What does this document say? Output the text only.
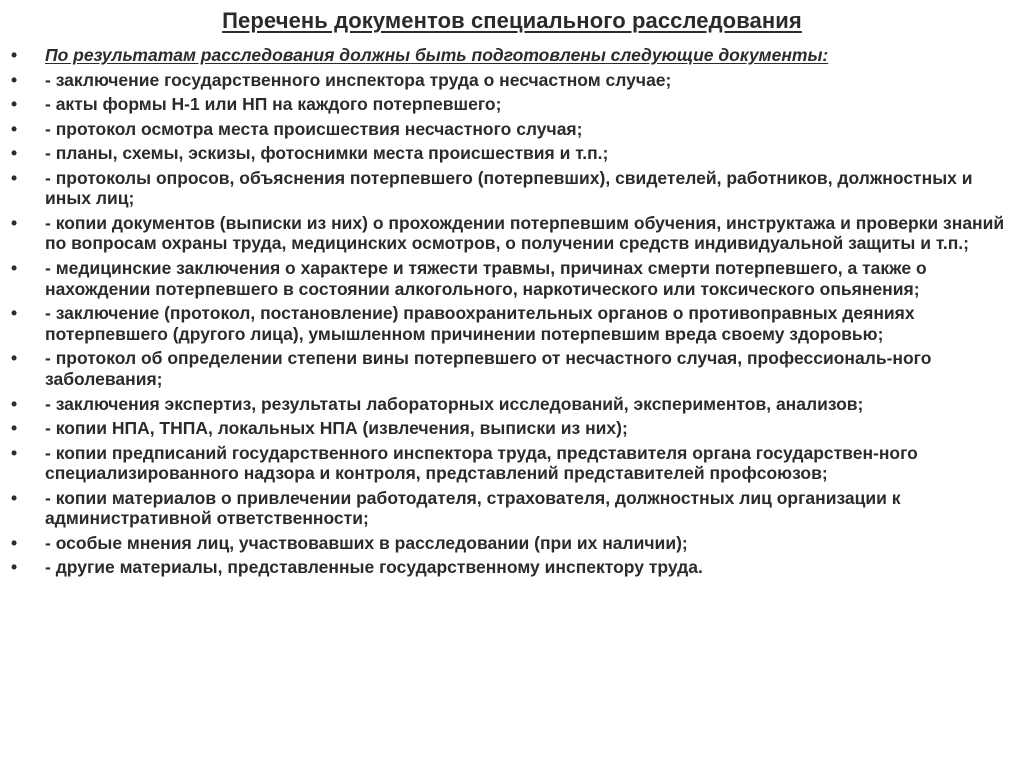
Перечень документов специального расследования
• По результатам расследования должны быть подготовлены следующие документы:
• - заключение государственного инспектора труда о несчастном случае;
• - акты формы Н-1 или НП на каждого потерпевшего;
• - протокол осмотра места происшествия несчастного случая;
• - планы, схемы, эскизы, фотоснимки места происшествия и т.п.;
• - протоколы опросов, объяснения потерпевшего (потерпевших), свидетелей, работников, должностных и иных лиц;
• - копии документов (выписки из них) о прохождении потерпевшим обучения, инструктажа и проверки знаний по вопросам охраны труда, медицинских осмотров, о получении средств индивидуальной защиты и т.п.;
• - медицинские заключения о характере и тяжести травмы, причинах смерти потерпевшего, а также о нахождении потерпевшего в состоянии алкогольного, наркотического или токсического опьянения;
• - заключение (протокол, постановление) правоохранительных органов о противоправных деяниях потерпевшего (другого лица), умышленном причинении потерпевшим вреда своему здоровью;
• - протокол об определении степени вины потерпевшего от несчастного случая, профессиональ-ного заболевания;
• - заключения экспертиз, результаты лабораторных исследований, экспериментов, анализов;
• - копии НПА, ТНПА, локальных НПА (извлечения, выписки из них);
• - копии предписаний государственного инспектора труда, представителя органа государствен-ного специализированного надзора и контроля, представлений представителей профсоюзов;
• - копии материалов о привлечении работодателя, страхователя, должностных лиц организации к административной ответственности;
• - особые мнения лиц, участвовавших в расследовании (при их наличии);
• - другие материалы, представленные государственному инспектору труда.
